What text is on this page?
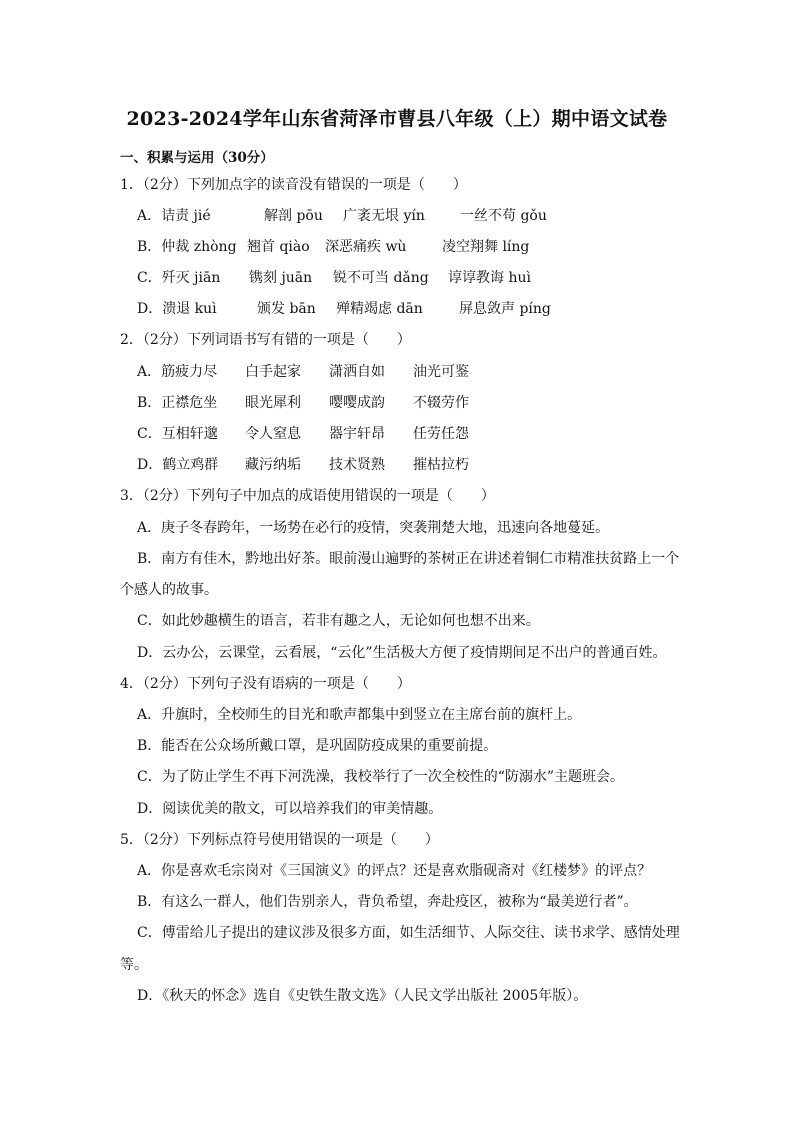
2023-2024学年山东省菏泽市曹县八年级（上）期中语文试卷
一、积累与运用（30分）
1．（2分）下列加点字的读音没有错误的一项是（　　）
A．诘责 jié	解剖 pōu 广袤无垠 yín	一丝不苟 gǒu
B．仲裁 zhòng 翘首 qiào 深恶痛疾 wù	凌空翔舞 líng
C．歼灭 jiān 镌刻 juān 锐不可当 dǎng 谆谆教诲 huì
D．溃退 kuì	颁发 bān 殚精竭虑 dān	屏息敛声 píng
2．（2分）下列词语书写有错的一项是（　　）
A．筋疲力尽 白手起家 潇洒自如 油光可鉴
B．正襟危坐 眼光犀利 嘤嘤成韵 不辍劳作
C．互相轩邈 令人窒息 器宇轩昂 任劳任怨
D．鹤立鸡群 藏污纳垢 技术贤熟 摧枯拉朽
3．（2分）下列句子中加点的成语使用错误的一项是（　　）
A．庚子冬春跨年，一场势在必行的疫情，突袭荆楚大地，迅速向各地蔓延。
B．南方有佳木，黔地出好茶。眼前漫山遍野的茶树正在讲述着铜仁市精准扶贫路上一个
个感人的故事。
C．如此妙趣横生的语言，若非有趣之人，无论如何也想不出来。
D．云办公，云课堂，云看展，“云化”生活极大方便了疫情期间足不出户的普通百姓。
4．（2分）下列句子没有语病的一项是（　　）
A．升旗时，全校师生的目光和歌声都集中到竖立在主席台前的旗杆上。
B．能否在公众场所戴口罩，是巩固防疫成果的重要前提。
C．为了防止学生不再下河洗澡，我校举行了一次全校性的“防溺水”主题班会。
D．阅读优美的散文，可以培养我们的审美情趣。
5．（2分）下列标点符号使用错误的一项是（　　）
A．你是喜欢毛宗岗对《三国演义》的评点？还是喜欢脂砚斋对《红楼梦》的评点？
B．有这么一群人，他们告别亲人，背负希望，奔赴疫区，被称为“最美逆行者”。
C．傅雷给儿子提出的建议涉及很多方面，如生活细节、人际交往、读书求学、感情处理
等。
D．《秋天的怀念》选自《史铁生散文选》（人民文学出版社 2005年版）。
